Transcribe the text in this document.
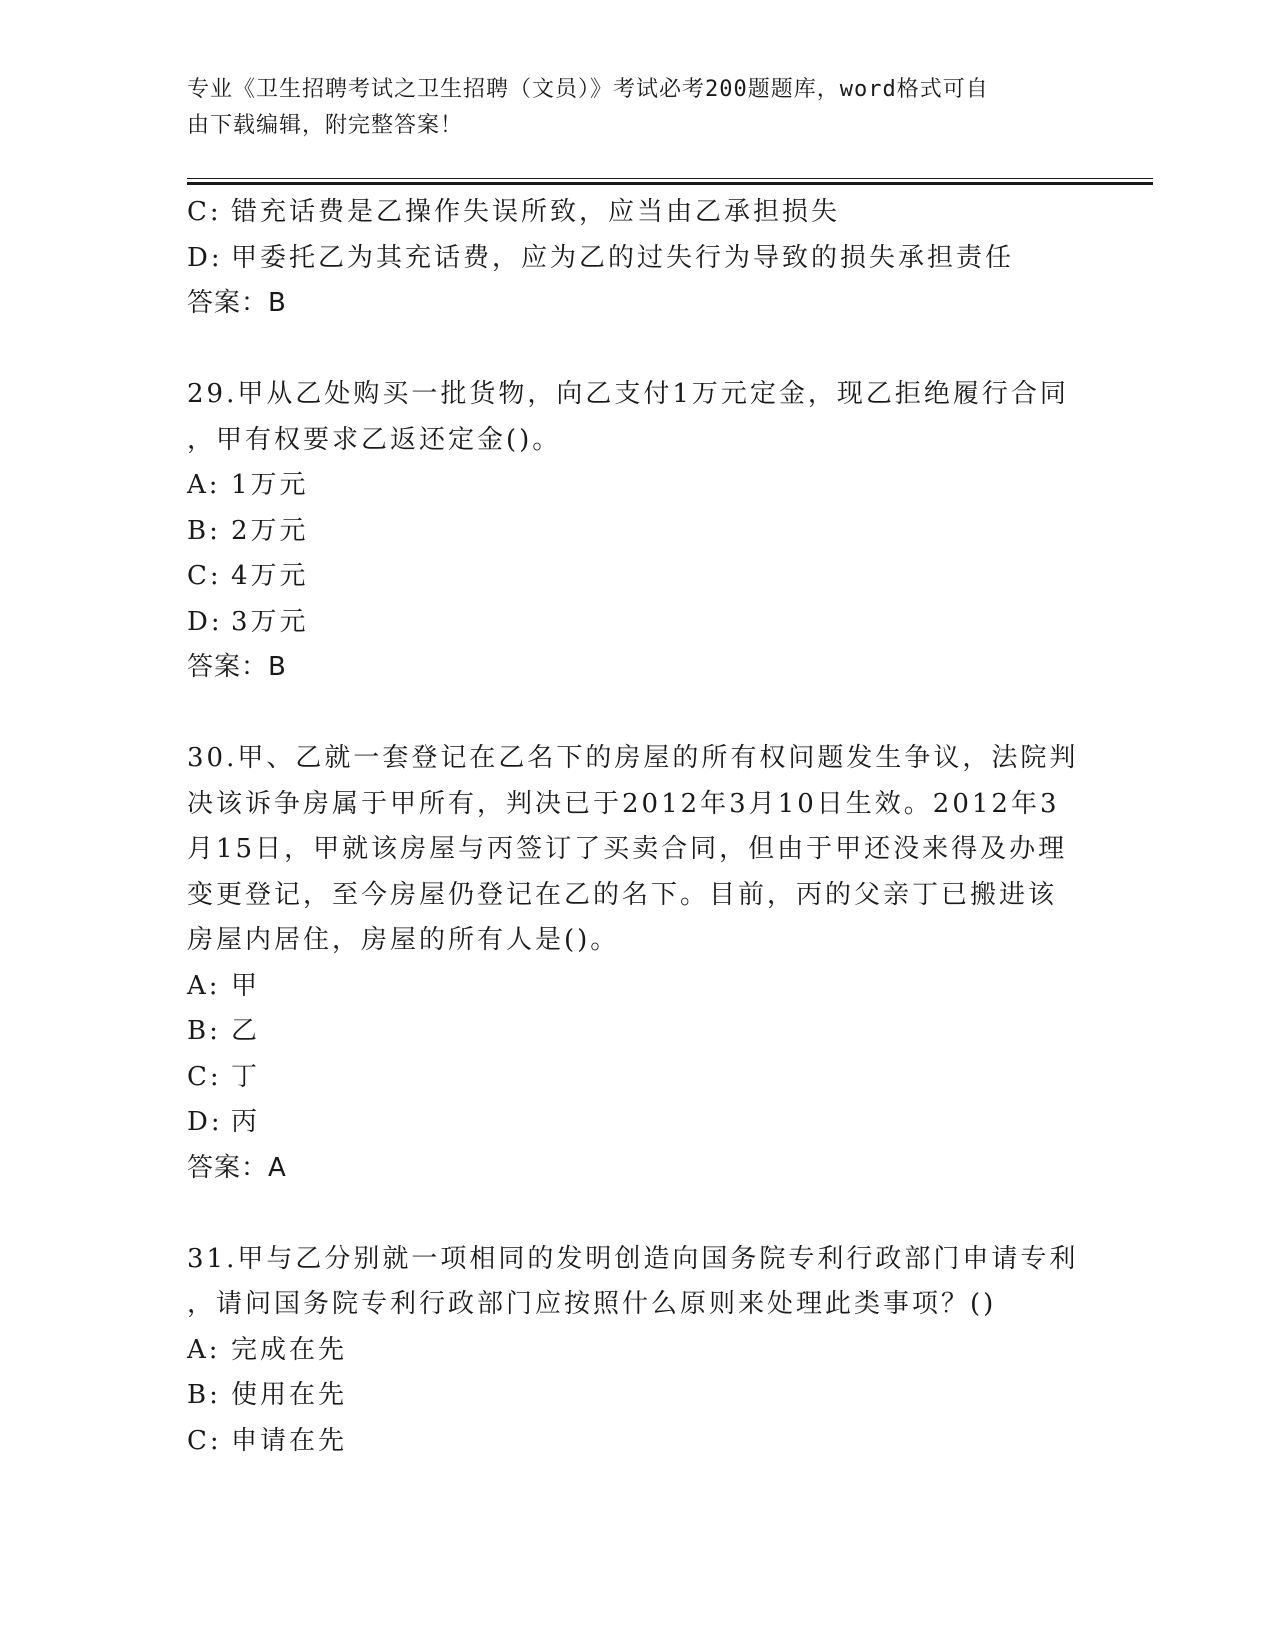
专业《卫生招聘考试之卫生招聘（文员）》考试必考200题题库，word格式可自
由下载编辑，附完整答案！
C: 错充话费是乙操作失误所致，应当由乙承担损失
D: 甲委托乙为其充话费，应为乙的过失行为导致的损失承担责任
答案：B
29.甲从乙处购买一批货物，向乙支付1万元定金，现乙拒绝履行合同
，甲有权要求乙返还定金()。
A: 1万元
B: 2万元
C: 4万元
D: 3万元
答案：B
30.甲、乙就一套登记在乙名下的房屋的所有权问题发生争议，法院判
决该诉争房属于甲所有，判决已于2012年3月10日生效。2012年3
月15日，甲就该房屋与丙签订了买卖合同，但由于甲还没来得及办理
变更登记，至今房屋仍登记在乙的名下。目前，丙的父亲丁已搬进该
房屋内居住，房屋的所有人是()。
A: 甲
B: 乙
C: 丁
D: 丙
答案：A
31.甲与乙分别就一项相同的发明创造向国务院专利行政部门申请专利
，请问国务院专利行政部门应按照什么原则来处理此类事项？()
A: 完成在先
B: 使用在先
C: 申请在先
